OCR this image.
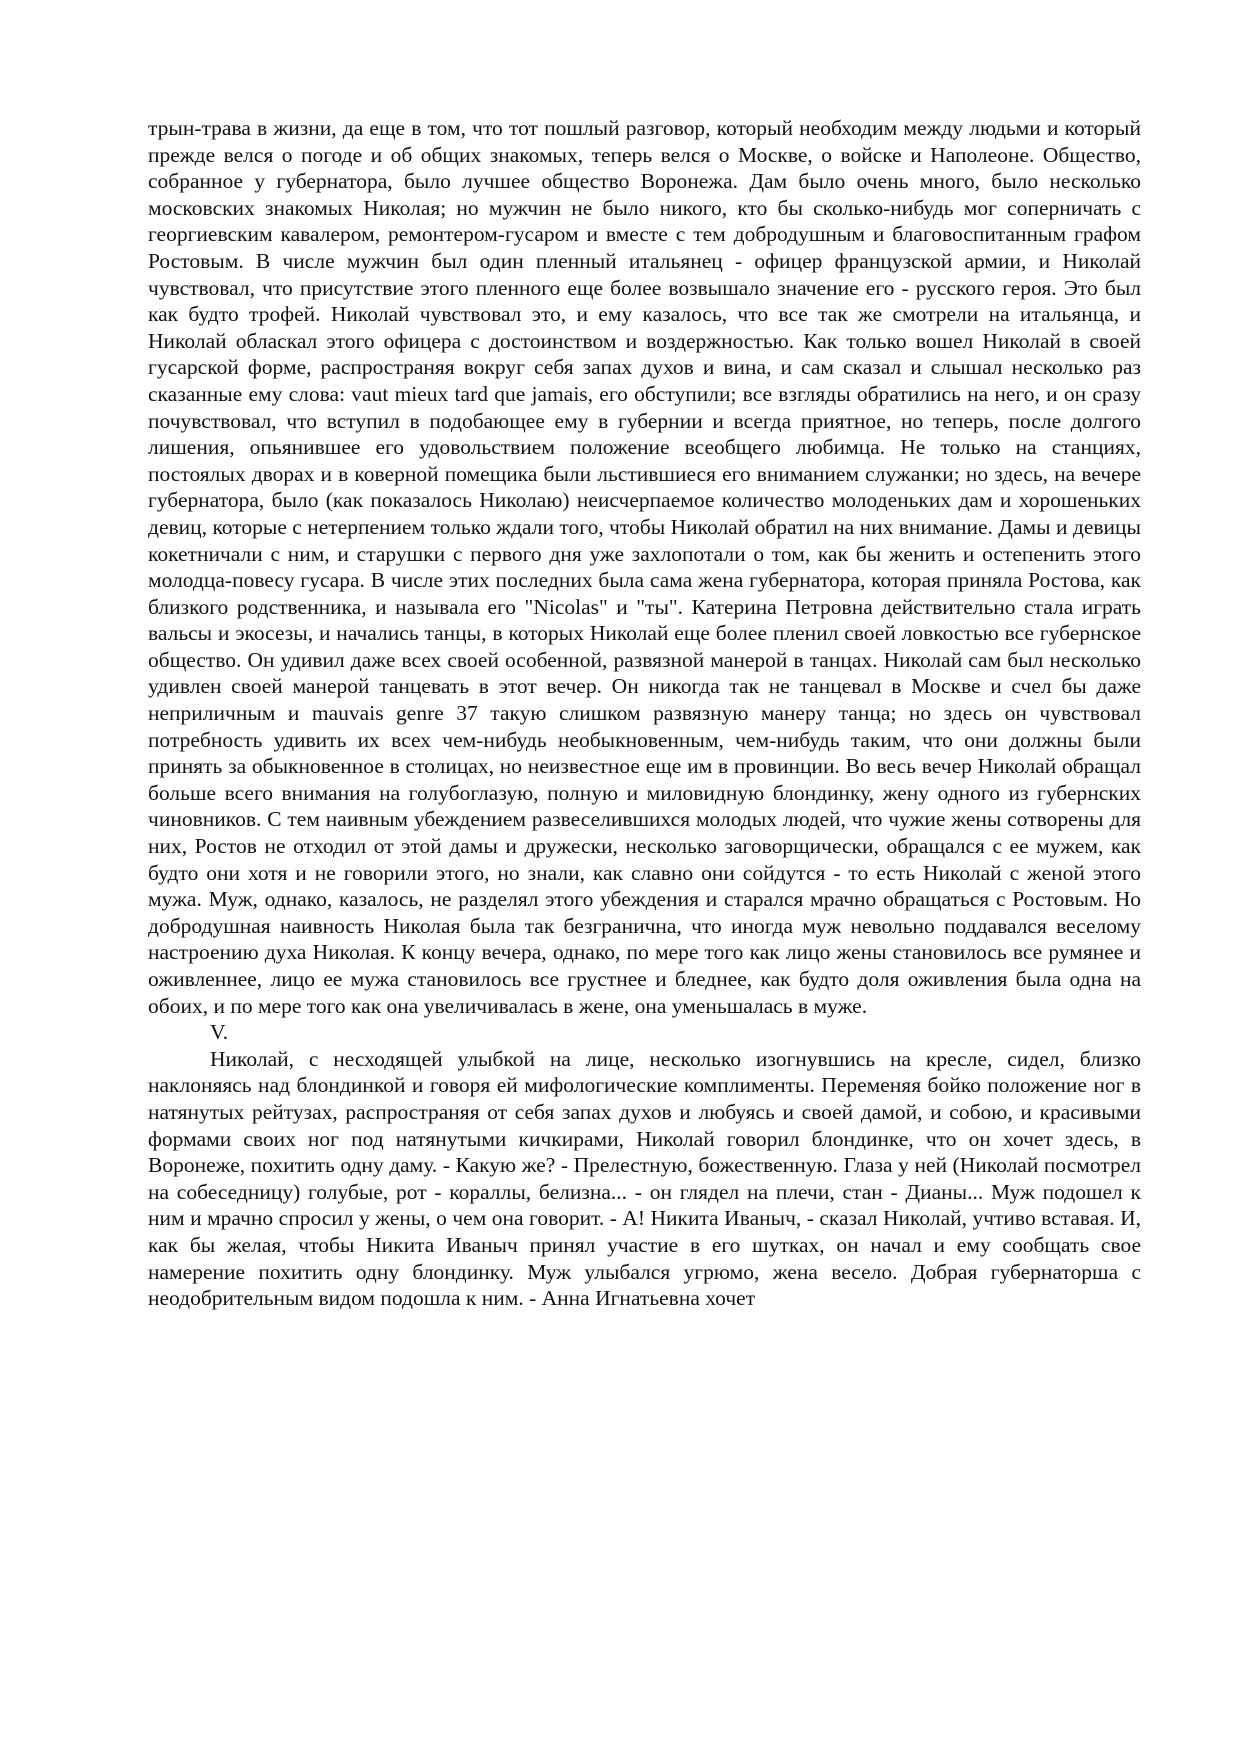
трын-трава в жизни, да еще в том, что тот пошлый разговор, который необходим между людьми и который прежде велся о погоде и об общих знакомых, теперь велся о Москве, о войске и Наполеоне. Общество, собранное у губернатора, было лучшее общество Воронежа. Дам было очень много, было несколько московских знакомых Николая; но мужчин не было никого, кто бы сколько-нибудь мог соперничать с георгиевским кавалером, ремонтером-гусаром и вместе с тем добродушным и благовоспитанным графом Ростовым. В числе мужчин был один пленный итальянец - офицер французской армии, и Николай чувствовал, что присутствие этого пленного еще более возвышало значение его - русского героя. Это был как будто трофей. Николай чувствовал это, и ему казалось, что все так же смотрели на итальянца, и Николай обласкал этого офицера с достоинством и воздержностью. Как только вошел Николай в своей гусарской форме, распространяя вокруг себя запах духов и вина, и сам сказал и слышал несколько раз сказанные ему слова: vaut mieux tard que jamais, его обступили; все взгляды обратились на него, и он сразу почувствовал, что вступил в подобающее ему в губернии и всегда приятное, но теперь, после долгого лишения, опьянившее его удовольствием положение всеобщего любимца. Не только на станциях, постоялых дворах и в коверной помещика были льстившиеся его вниманием служанки; но здесь, на вечере губернатора, было (как показалось Николаю) неисчерпаемое количество молоденьких дам и хорошеньких девиц, которые с нетерпением только ждали того, чтобы Николай обратил на них внимание. Дамы и девицы кокетничали с ним, и старушки с первого дня уже захлопотали о том, как бы женить и остепенить этого молодца-повесу гусара. В числе этих последних была сама жена губернатора, которая приняла Ростова, как близкого родственника, и называла его "Nicolas" и "ты". Катерина Петровна действительно стала играть вальсы и экосезы, и начались танцы, в которых Николай еще более пленил своей ловкостью все губернское общество. Он удивил даже всех своей особенной, развязной манерой в танцах. Николай сам был несколько удивлен своей манерой танцевать в этот вечер. Он никогда так не танцевал в Москве и счел бы даже неприличным и mauvais genre 37 такую слишком развязную манеру танца; но здесь он чувствовал потребность удивить их всех чем-нибудь необыкновенным, чем-нибудь таким, что они должны были принять за обыкновенное в столицах, но неизвестное еще им в провинции. Во весь вечер Николай обращал больше всего внимания на голубоглазую, полную и миловидную блондинку, жену одного из губернских чиновников. С тем наивным убеждением развеселившихся молодых людей, что чужие жены сотворены для них, Ростов не отходил от этой дамы и дружески, несколько заговорщически, обращался с ее мужем, как будто они хотя и не говорили этого, но знали, как славно они сойдутся - то есть Николай с женой этого мужа. Муж, однако, казалось, не разделял этого убеждения и старался мрачно обращаться с Ростовым. Но добродушная наивность Николая была так безгранична, что иногда муж невольно поддавался веселому настроению духа Николая. К концу вечера, однако, по мере того как лицо жены становилось все румянее и оживленнее, лицо ее мужа становилось все грустнее и бледнее, как будто доля оживления была одна на обоих, и по мере того как она увеличивалась в жене, она уменьшалась в муже.

V.

Николай, с несходящей улыбкой на лице, несколько изогнувшись на кресле, сидел, близко наклоняясь над блондинкой и говоря ей мифологические комплименты. Переменяя бойко положение ног в натянутых рейтузах, распространяя от себя запах духов и любуясь и своей дамой, и собою, и красивыми формами своих ног под натянутыми кичкирами, Николай говорил блондинке, что он хочет здесь, в Воронеже, похитить одну даму. - Какую же? - Прелестную, божественную. Глаза у ней (Николай посмотрел на собеседницу) голубые, рот - кораллы, белизна... - он глядел на плечи, стан - Дианы... Муж подошел к ним и мрачно спросил у жены, о чем она говорит. - А! Никита Иваныч, - сказал Николай, учтиво вставая. И, как бы желая, чтобы Никита Иваныч принял участие в его шутках, он начал и ему сообщать свое намерение похитить одну блондинку. Муж улыбался угрюмо, жена весело. Добрая губернаторша с неодобрительным видом подошла к ним. - Анна Игнатьевна хочет
